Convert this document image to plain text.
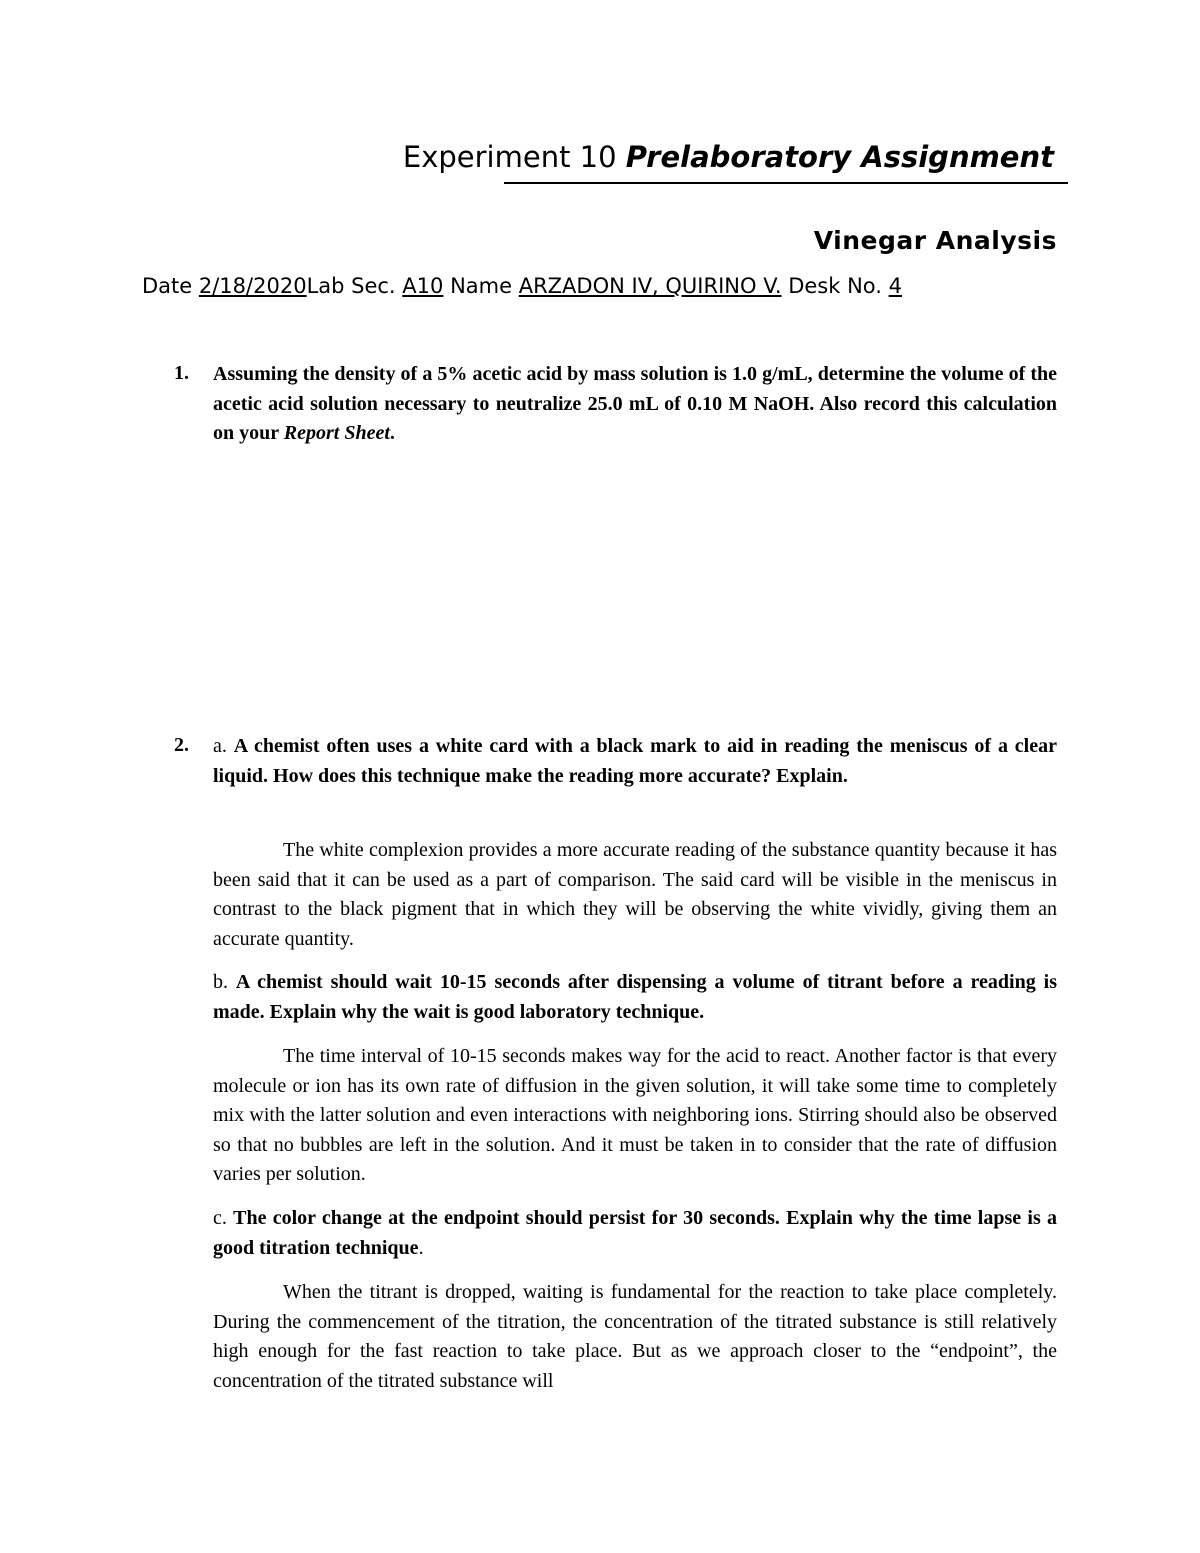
Experiment 10 Prelaboratory Assignment
Vinegar Analysis
Date 2/18/2020Lab Sec. A10 Name ARZADON IV, QUIRINO V. Desk No. 4
1.	Assuming the density of a 5% acetic acid by mass solution is 1.0 g/mL, determine the volume of the acetic acid solution necessary to neutralize 25.0 mL of 0.10 M NaOH. Also record this calculation on your Report Sheet.
2.	a. A chemist often uses a white card with a black mark to aid in reading the meniscus of a clear liquid. How does this technique make the reading more accurate? Explain.
The white complexion provides a more accurate reading of the substance quantity because it has been said that it can be used as a part of comparison. The said card will be visible in the meniscus in contrast to the black pigment that in which they will be observing the white vividly, giving them an accurate quantity.
b. A chemist should wait 10-15 seconds after dispensing a volume of titrant before a reading is made. Explain why the wait is good laboratory technique.
The time interval of 10-15 seconds makes way for the acid to react. Another factor is that every molecule or ion has its own rate of diffusion in the given solution, it will take some time to completely mix with the latter solution and even interactions with neighboring ions. Stirring should also be observed so that no bubbles are left in the solution. And it must be taken in to consider that the rate of diffusion varies per solution.
c. The color change at the endpoint should persist for 30 seconds. Explain why the time lapse is a good titration technique.
When the titrant is dropped, waiting is fundamental for the reaction to take place completely. During the commencement of the titration, the concentration of the titrated substance is still relatively high enough for the fast reaction to take place. But as we approach closer to the “endpoint”, the concentration of the titrated substance will
